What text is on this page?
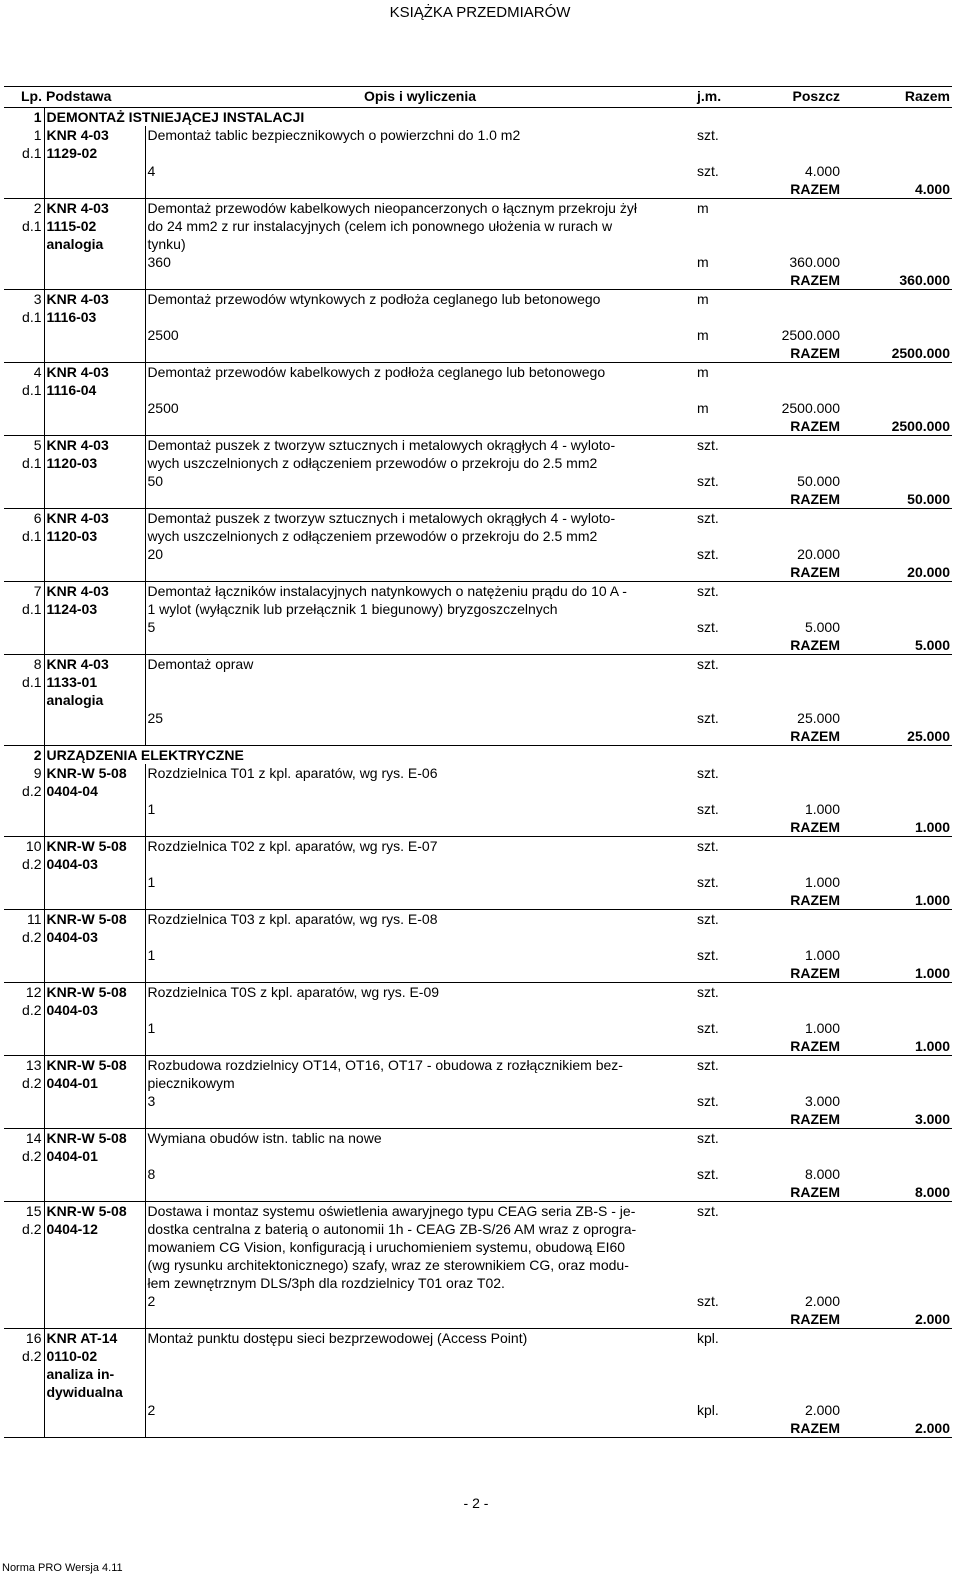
KSIĄŻKA PRZEDMIARÓW
Lp.	Podstawa	Opis i wyliczenia	j.m.	Poszcz	Razem
1	DEMONTAŻ ISTNIEJĄCEJ INSTALACJI				
1	KNR 4-03	Demontaż tablic bezpiecznikowych o powierzchni do 1.0 m2	szt.		
d.1	1129-02				
		4	szt.	4.000	
			RAZEM		4.000
2	KNR 4-03	Demontaż przewodów kabelkowych nieopancerzonych o łącznym przekroju żył	m		
d.1	1115-02	do 24 mm2 z rur instalacyjnych (celem ich ponownego ułożenia w rurach w			
	analogia	tynku)			
		360	m	360.000	
			RAZEM		360.000
3	KNR 4-03	Demontaż przewodów wtynkowych z podłoża ceglanego lub betonowego	m		
d.1	1116-03				
		2500	m	2500.000	
			RAZEM		2500.000
4	KNR 4-03	Demontaż przewodów kabelkowych z podłoża ceglanego lub betonowego	m		
d.1	1116-04				
		2500	m	2500.000	
			RAZEM		2500.000
5	KNR 4-03	Demontaż puszek z tworzyw sztucznych i metalowych okrągłych 4 - wyloto-	szt.		
d.1	1120-03	wych uszczelnionych z odłączeniem przewodów o przekroju do 2.5 mm2			
		50	szt.	50.000	
			RAZEM		50.000
6	KNR 4-03	Demontaż puszek z tworzyw sztucznych i metalowych okrągłych 4 - wyloto-	szt.		
d.1	1120-03	wych uszczelnionych z odłączeniem przewodów o przekroju do 2.5 mm2			
		20	szt.	20.000	
			RAZEM		20.000
7	KNR 4-03	Demontaż łączników instalacyjnych natynkowych o natężeniu prądu do 10 A -	szt.		
d.1	1124-03	1 wylot (wyłącznik lub przełącznik 1 biegunowy) bryzgoszczelnych			
		5	szt.	5.000	
			RAZEM		5.000
8	KNR 4-03	Demontaż opraw	szt.		
d.1	1133-01				
	analogia				
		25	szt.	25.000	
			RAZEM		25.000
2	URZĄDZENIA ELEKTRYCZNE				
9	KNR-W 5-08	Rozdzielnica T01 z kpl. aparatów, wg rys. E-06	szt.		
d.2	0404-04				
		1	szt.	1.000	
			RAZEM		1.000
10	KNR-W 5-08	Rozdzielnica T02 z kpl. aparatów, wg rys. E-07	szt.		
d.2	0404-03				
		1	szt.	1.000	
			RAZEM		1.000
11	KNR-W 5-08	Rozdzielnica T03 z kpl. aparatów, wg rys. E-08	szt.		
d.2	0404-03				
		1	szt.	1.000	
			RAZEM		1.000
12	KNR-W 5-08	Rozdzielnica T0S z kpl. aparatów, wg rys. E-09	szt.		
d.2	0404-03				
		1	szt.	1.000	
			RAZEM		1.000
13	KNR-W 5-08	Rozbudowa rozdzielnicy OT14, OT16, OT17 - obudowa z rozłącznikiem bez-	szt.		
d.2	0404-01	piecznikowym			
		3	szt.	3.000	
			RAZEM		3.000
14	KNR-W 5-08	Wymiana obudów istn. tablic na nowe	szt.		
d.2	0404-01				
		8	szt.	8.000	
			RAZEM		8.000
15	KNR-W 5-08	Dostawa i montaz systemu oświetlenia awaryjnego typu CEAG seria ZB-S - je-	szt.		
d.2	0404-12	dostka centralna z baterią o autonomii 1h - CEAG ZB-S/26 AM wraz z oprogra-			
		mowaniem CG Vision, konfiguracją i uruchomieniem systemu, obudową EI60			
		(wg rysunku architektonicznego) szafy, wraz ze sterownikiem CG, oraz modu-			
		łem zewnętrznym DLS/3ph dla rozdzielnicy T01 oraz T02.			
		2	szt.	2.000	
			RAZEM		2.000
16	KNR AT-14	Montaż punktu dostępu sieci bezprzewodowej (Access Point)	kpl.		
d.2	0110-02				
	analiza in-				
	dywidualna				
		2	kpl.	2.000	
			RAZEM		2.000
- 2 -
Norma PRO Wersja 4.11
